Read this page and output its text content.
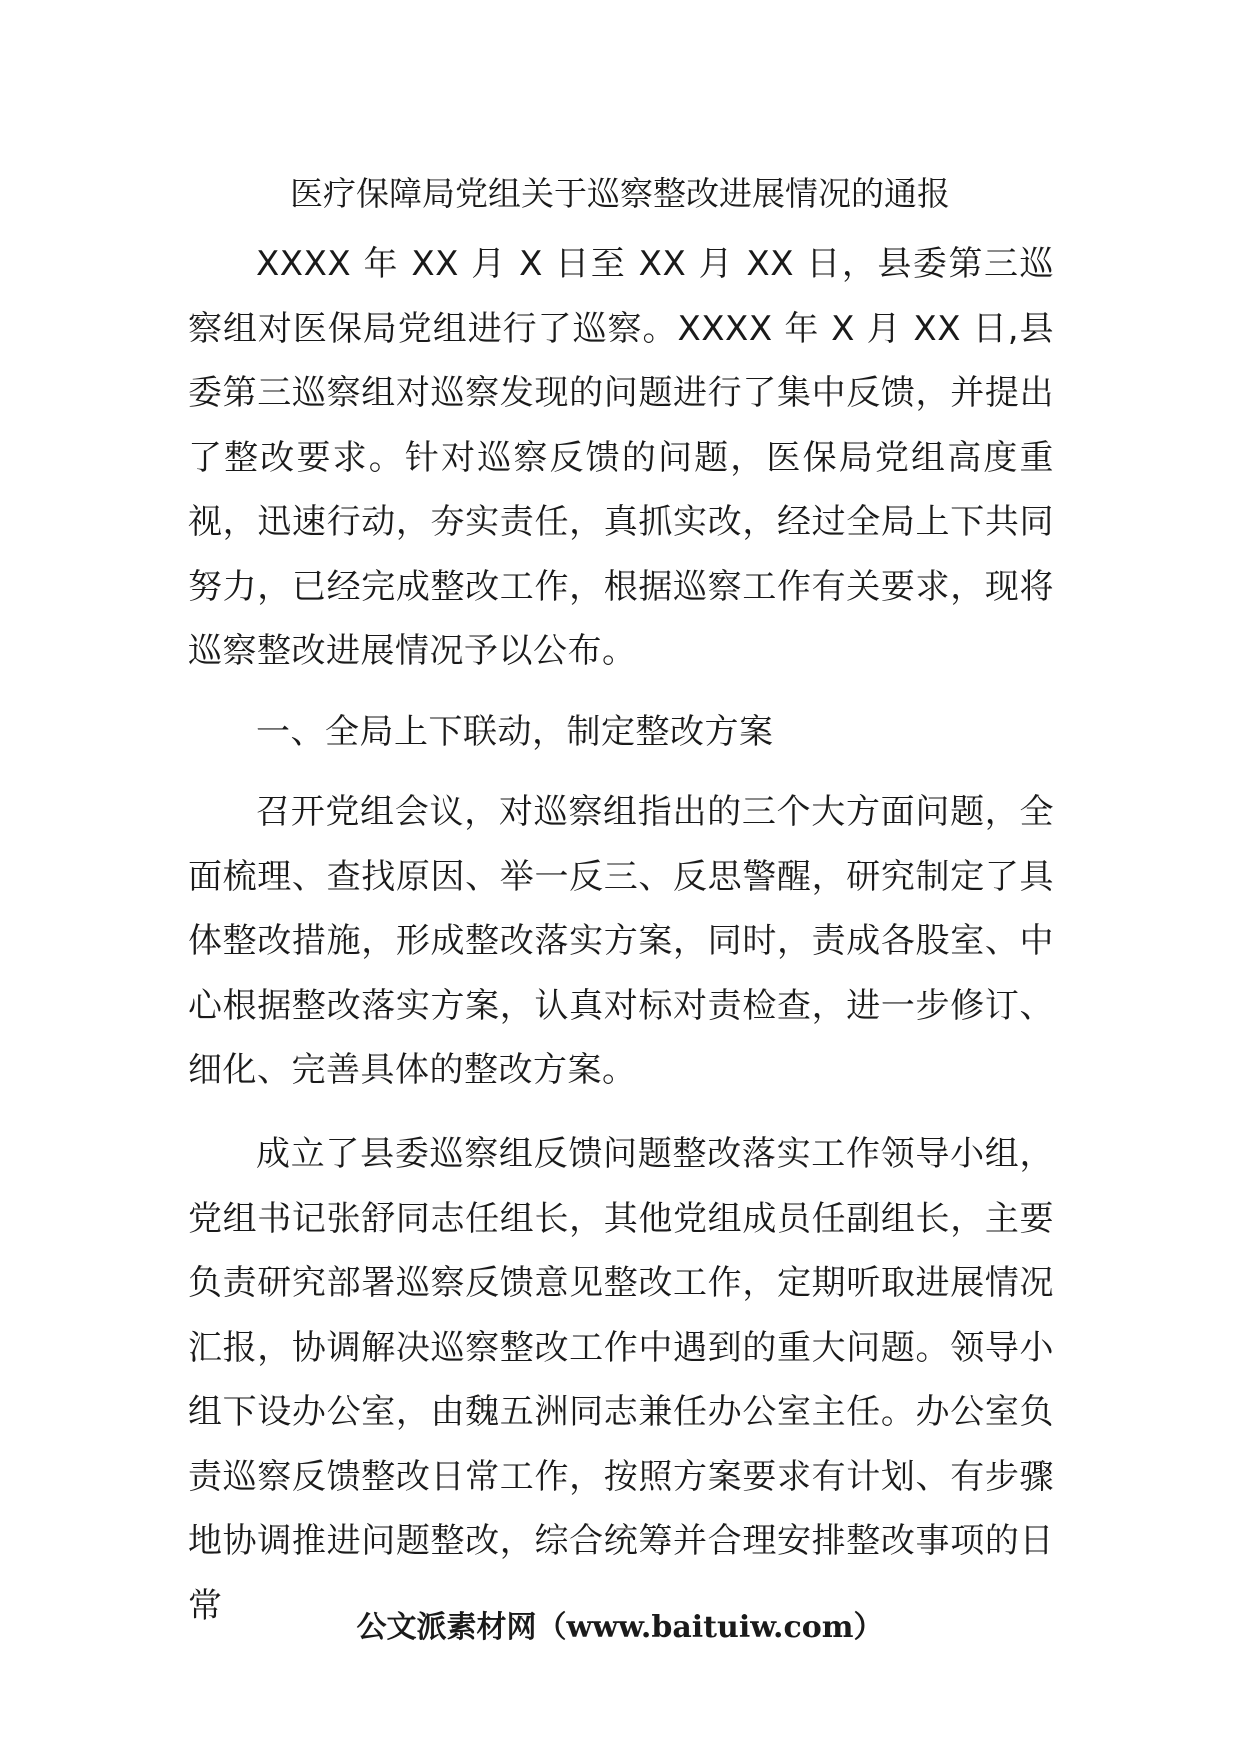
医疗保障局党组关于巡察整改进展情况的通报

XXXX 年 XX 月 X 日至 XX 月 XX 日，县委第三巡察组对医保局党组进行了巡察。XXXX 年 X 月 XX 日,县委第三巡察组对巡察发现的问题进行了集中反馈，并提出了整改要求。针对巡察反馈的问题，医保局党组高度重视，迅速行动，夯实责任，真抓实改，经过全局上下共同努力，已经完成整改工作，根据巡察工作有关要求，现将巡察整改进展情况予以公布。

一、全局上下联动，制定整改方案

召开党组会议，对巡察组指出的三个大方面问题，全面梳理、查找原因、举一反三、反思警醒，研究制定了具体整改措施，形成整改落实方案，同时，责成各股室、中心根据整改落实方案，认真对标对责检查，进一步修订、细化、完善具体的整改方案。

成立了县委巡察组反馈问题整改落实工作领导小组，党组书记张舒同志任组长，其他党组成员任副组长，主要负责研究部署巡察反馈意见整改工作，定期听取进展情况汇报，协调解决巡察整改工作中遇到的重大问题。领导小组下设办公室，由魏五洲同志兼任办公室主任。办公室负责巡察反馈整改日常工作，按照方案要求有计划、有步骤地协调推进问题整改，综合统筹并合理安排整改事项的日常

公文派素材网（www.baituiw.com）
